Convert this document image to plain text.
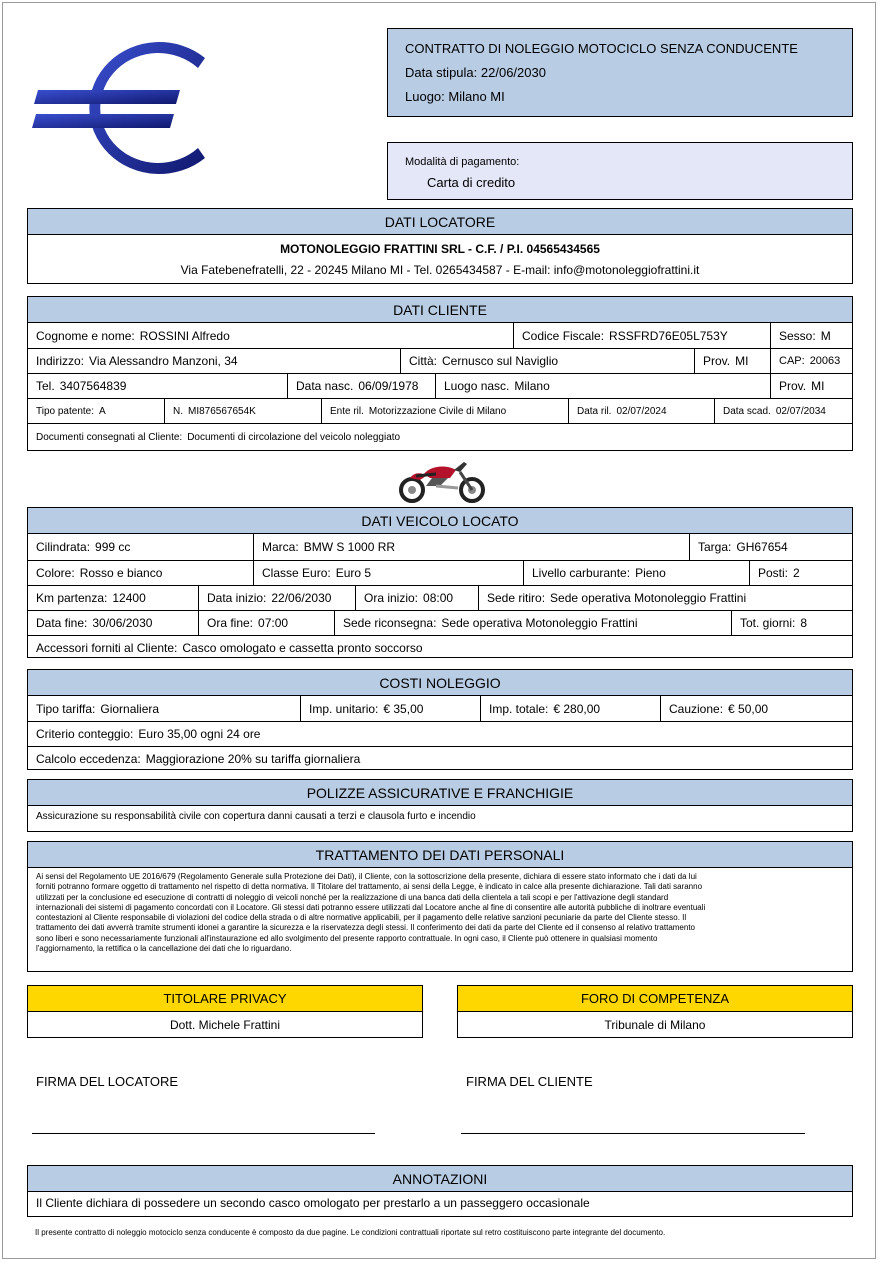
CONTRATTO DI NOLEGGIO MOTOCICLO SENZA CONDUCENTE
Data stipula: 22/06/2030
Luogo: Milano MI
Modalità di pagamento:
Carta di credito
DATI LOCATORE
MOTONOLEGGIO FRATTINI SRL - C.F. / P.I. 04565434565
Via Fatebenefratelli, 22 - 20245 Milano MI - Tel. 0265434587 - E-mail: info@motonoleggiofrattini.it
DATI CLIENTE
Cognome e nome: ROSSINI Alfredo	Codice Fiscale: RSSFRD76E05L753Y	Sesso: M
Indirizzo: Via Alessandro Manzoni, 34	Città: Cernusco sul Naviglio	Prov. MI	CAP: 20063
Tel. 3407564839	Data nasc. 06/09/1978 Luogo nasc. Milano	Prov. MI
Tipo patente: A	N. MI876567654K	Ente ril. Motorizzazione Civile di Milano	Data ril. 02/07/2024	Data scad. 02/07/2034
Documenti consegnati al Cliente: Documenti di circolazione del veicolo noleggiato
DATI VEICOLO LOCATO
Cilindrata: 999 cc	Marca: BMW S 1000 RR	Targa: GH67654
Colore: Rosso e bianco	Classe Euro: Euro 5	Livello carburante: Pieno	Posti: 2
Km partenza: 12400	Data inizio: 22/06/2030	Ora inizio: 08:00	Sede ritiro: Sede operativa Motonoleggio Frattini
Data fine: 30/06/2030	Ora fine: 07:00	Sede riconsegna: Sede operativa Motonoleggio Frattini	Tot. giorni: 8
Accessori forniti al Cliente: Casco omologato e cassetta pronto soccorso
COSTI NOLEGGIO
Tipo tariffa: Giornaliera	Imp. unitario: € 35,00	Imp. totale: € 280,00	Cauzione: € 50,00
Criterio conteggio: Euro 35,00 ogni 24 ore
Calcolo eccedenza: Maggiorazione 20% su tariffa giornaliera
POLIZZE ASSICURATIVE E FRANCHIGIE
Assicurazione su responsabilità civile con copertura danni causati a terzi e clausola furto e incendio
TRATTAMENTO DEI DATI PERSONALI
Ai sensi del Regolamento UE 2016/679 (Regolamento Generale sulla Protezione dei Dati), il Cliente, con la sottoscrizione della presente, dichiara di essere stato informato che i dati da lui
forniti potranno formare oggetto di trattamento nel rispetto di detta normativa. Il Titolare del trattamento, ai sensi della Legge, è indicato in calce alla presente dichiarazione. Tali dati saranno
utilizzati per la conclusione ed esecuzione di contratti di noleggio di veicoli nonché per la realizzazione di una banca dati della clientela a tali scopi e per l'attivazione degli standard
internazionali dei sistemi di pagamento concordati con il Locatore. Gli stessi dati potranno essere utilizzati dal Locatore anche al fine di consentire alle autorità pubbliche di inoltrare eventuali
contestazioni al Cliente responsabile di violazioni del codice della strada o di altre normative applicabili, per il pagamento delle relative sanzioni pecuniarie da parte del Cliente stesso. Il
trattamento dei dati avverrà tramite strumenti idonei a garantire la sicurezza e la riservatezza degli stessi. Il conferimento dei dati da parte del Cliente ed il consenso al relativo trattamento
sono liberi e sono necessariamente funzionali all'instaurazione ed allo svolgimento del presente rapporto contrattuale. In ogni caso, il Cliente può ottenere in qualsiasi momento
l'aggiornamento, la rettifica o la cancellazione dei dati che lo riguardano.
TITOLARE PRIVACY
Dott. Michele Frattini
FORO DI COMPETENZA
Tribunale di Milano
FIRMA DEL LOCATORE	FIRMA DEL CLIENTE
ANNOTAZIONI
Il Cliente dichiara di possedere un secondo casco omologato per prestarlo a un passeggero occasionale
Il presente contratto di noleggio motociclo senza conducente è composto da due pagine. Le condizioni contrattuali riportate sul retro costituiscono parte integrante del documento.
